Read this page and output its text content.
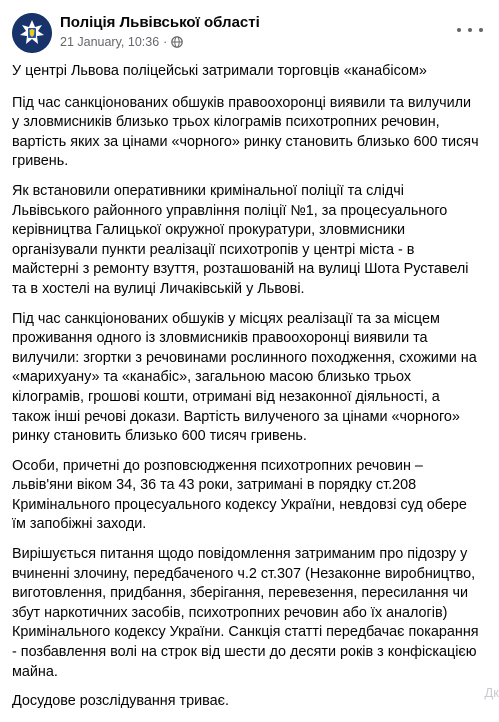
Поліція Львівської області
21 January, 10:36 ·

У центрі Львова поліцейські затримали торговців «канабісом»

Під час санкціонованих обшуків правоохоронці виявили та вилучили у зловмисників близько трьох кілограмів психотропних речовин, вартість яких за цінами «чорного» ринку становить близько 600 тисяч гривень.

Як встановили оперативники кримінальної поліції та слідчі Львівського районного управління поліції №1, за процесуального керівництва Галицької окружної прокуратури, зловмисники організували пункти реалізації психотропів у центрі міста - в майстерні з ремонту взуття, розташованій на вулиці Шота Руставелі та в хостелі на вулиці Личаківській у Львові.

Під час санкціонованих обшуків у місцях реалізації та за місцем проживання одного із зловмисників правоохоронці виявили та вилучили: згортки з речовинами рослинного походження, схожими на «марихуану» та «канабіс», загальною масою близько трьох кілограмів, грошові кошти, отримані від незаконної діяльності, а також інші речові докази. Вартість вилученого за цінами «чорного» ринку становить близько 600 тисяч гривень.

Особи, причетні до розповсюдження психотропних речовин – львів'яни віком 34, 36 та 43 роки, затримані в порядку ст.208 Кримінального процесуального кодексу України, невдовзі суд обере їм запобіжні заходи.

Вирішується питання щодо повідомлення затриманим про підозру у вчиненні злочину, передбаченого ч.2 ст.307 (Незаконне виробництво, виготовлення, придбання, зберігання, перевезення, пересилання чи збут наркотичних засобів, психотропних речовин або їх аналогів) Кримінального кодексу України. Санкція статті передбачає покарання - позбавлення волі на строк від шести до десяти років з конфіскацією майна.

Досудове розслідування триває.

Дк
